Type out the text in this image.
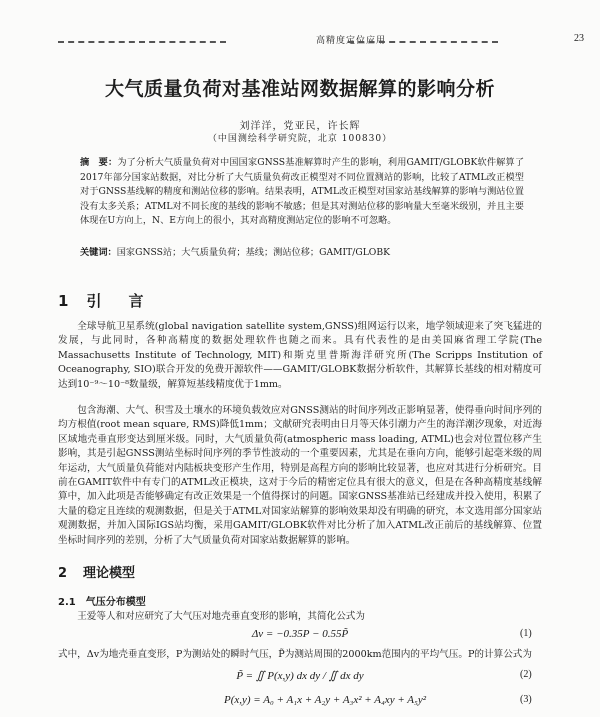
高精度定位应用	23
大气质量负荷对基准站网数据解算的影响分析
刘洋洋，党亚民，许长辉
（中国测绘科学研究院，北京 100830）
摘　要：为了分析大气质量负荷对中国国家GNSS基准解算时产生的影响，利用GAMIT/GLOBK软件解算了2017年部分国家站数据，对比分析了大气质量负荷改正模型对不同位置测站的影响，比较了ATML改正模型对于GNSS基线解的精度和测站位移的影响。结果表明，ATML改正模型对国家站基线解算的影响与测站位置没有太多关系；ATML对不同长度的基线的影响不敏感；但是其对测站位移的影响量大至毫米级别，并且主要体现在U方向上，N、E方向上的很小，其对高精度测站定位的影响不可忽略。
关键词：国家GNSS站；大气质量负荷；基线；测站位移；GAMIT/GLOBK
1 引　言
全球导航卫星系统(global navigation satellite system,GNSS)组网运行以来，地学领域迎来了突飞猛进的发展，与此同时，各种高精度的数据处理软件也随之而来。具有代表性的是由美国麻省理工学院(The Massachusetts Institute of Technology, MIT)和斯克里普斯海洋研究所(The Scripps Institution of Oceanography, SIO)联合开发的免费开源软件——GAMIT/GLOBK数据分析软件，其解算长基线的相对精度可达到10⁻⁹～10⁻⁸数量级，解算短基线精度优于1mm。
包含海潮、大气、积雪及土壤水的环境负载效应对GNSS测站的时间序列改正影响显著，使得垂向时间序列的均方根值(root mean square, RMS)降低1mm；文献研究表明由日月等天体引潮力产生的海洋潮汐现象，对近海区域地壳垂直形变达到厘米级。同时，大气质量负荷(atmospheric mass loading, ATML)也会对位置位移产生影响，其是引起GNSS测站坐标时间序列的季节性波动的一个重要因素，尤其是在垂向方向，能够引起毫米级的周年运动，大气质量负荷能对内陆板块变形产生作用，特别是高程方向的影响比较显著，也应对其进行分析研究。目前在GAMIT软件中有专门的ATML改正模块，这对于今后的精密定位具有很大的意义，但是在各种高精度基线解算中，加入此项是否能够确定有改正效果是一个值得探讨的问题。国家GNSS基准站已经建成并投入使用，积累了大量的稳定且连续的观测数据，但是关于ATML对国家站解算的影响效果却没有明确的研究，本文选用部分国家站观测数据，并加入国际IGS站均衡，采用GAMIT/GLOBK软件对比分析了加入ATML改正前后的基线解算、位置坐标时间序列的差别，分析了大气质量负荷对国家站数据解算的影响。
2 理论模型
2.1 气压分布模型
王爱等人和对应研究了大气压对地壳垂直变形的影响，其简化公式为
Δv = −0.35P − 0.55P̃	(1)
式中，Δv为地壳垂直变形，P为测站处的瞬时气压，P̃为测站周围的2000km范围内的平均气压。P的计算公式为
P̃ = ∬ P(x,y) dx dy / ∬ dx dy	(2)
P(x,y) = A₀ + A₁x + A₂y + A₃x² + A₄xy + A₅y²	(3)
